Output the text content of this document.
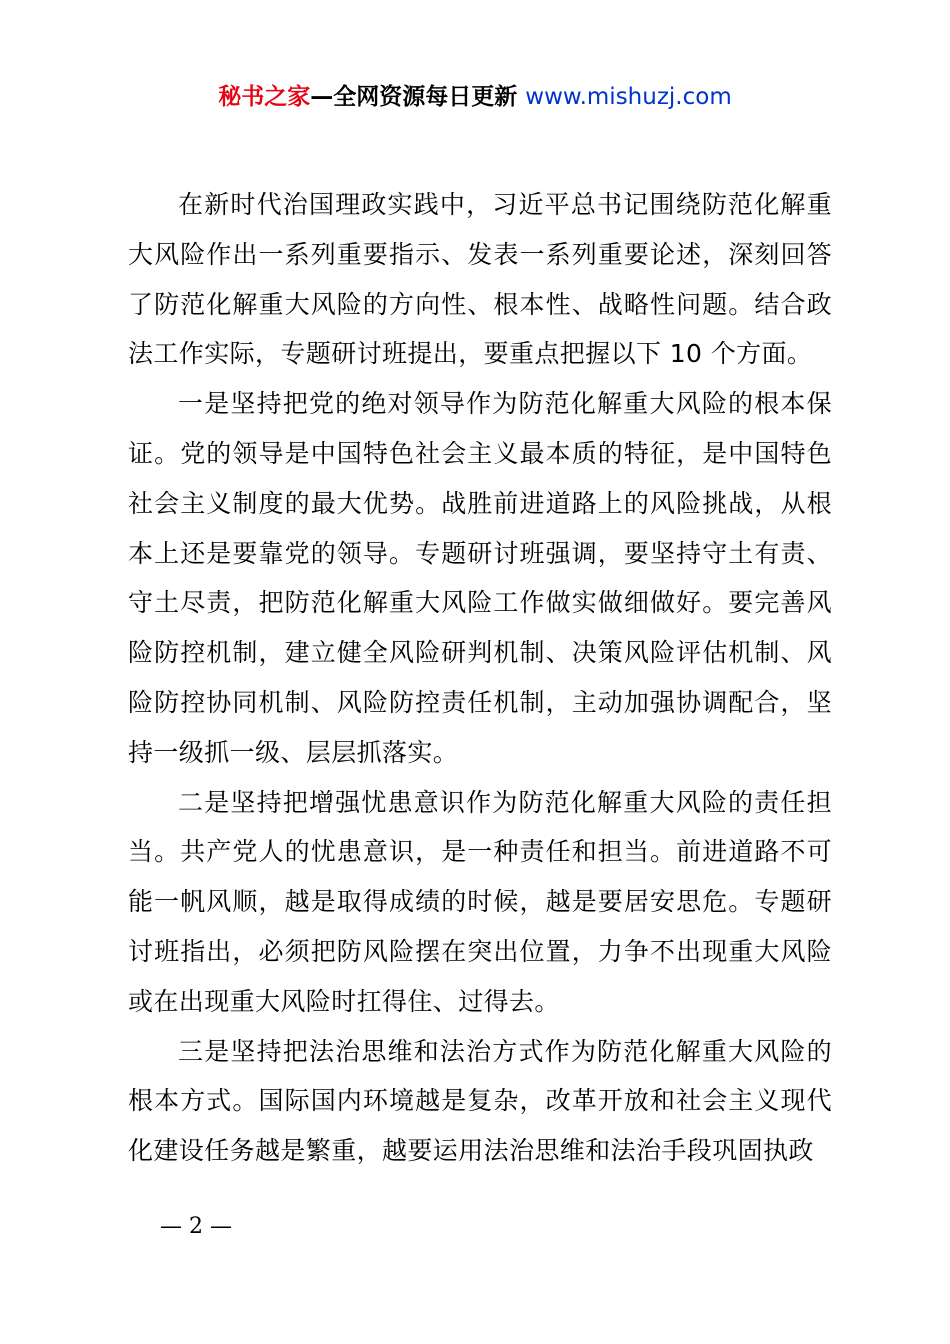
秘书之家—全网资源每日更新 www.mishuzj.com

在新时代治国理政实践中，习近平总书记围绕防范化解重大风险作出一系列重要指示、发表一系列重要论述，深刻回答了防范化解重大风险的方向性、根本性、战略性问题。结合政法工作实际，专题研讨班提出，要重点把握以下 10 个方面。

一是坚持把党的绝对领导作为防范化解重大风险的根本保证。党的领导是中国特色社会主义最本质的特征，是中国特色社会主义制度的最大优势。战胜前进道路上的风险挑战，从根本上还是要靠党的领导。专题研讨班强调，要坚持守土有责、守土尽责，把防范化解重大风险工作做实做细做好。要完善风险防控机制，建立健全风险研判机制、决策风险评估机制、风险防控协同机制、风险防控责任机制，主动加强协调配合，坚持一级抓一级、层层抓落实。

二是坚持把增强忧患意识作为防范化解重大风险的责任担当。共产党人的忧患意识，是一种责任和担当。前进道路不可能一帆风顺，越是取得成绩的时候，越是要居安思危。专题研讨班指出，必须把防风险摆在突出位置，力争不出现重大风险或在出现重大风险时扛得住、过得去。

三是坚持把法治思维和法治方式作为防范化解重大风险的根本方式。国际国内环境越是复杂，改革开放和社会主义现代化建设任务越是繁重，越要运用法治思维和法治手段巩固执政

— 2 —
